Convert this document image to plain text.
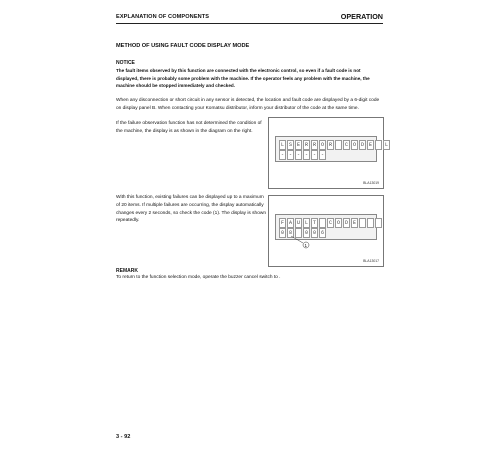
EXPLANATION OF COMPONENTS	OPERATION
METHOD OF USING FAULT CODE DISPLAY MODE
NOTICE
The fault items observed by this function are connected with the electronic control, so even if a fault code is not displayed, there is probably some problem with the machine. If the operator feels any problem with the machine, the machine should be stopped immediately and checked.
When any disconnection or short circuit in any sensor is detected, the location and fault code are displayed by a 6-digit code on display panel B. When contacting your Komatsu distributor, inform your distributor of the code at the same time.
If the failure observation function has not determined the condition of the machine, the display is as shown in the diagram on the right.
With this function, existing failures can be displayed up to a maximum of 20 items. If multiple failures are occurring, the display automatically changes every 2 seconds, so check the code (1). The display is shown repeatedly.
L S E R R O R	C O D E	L
- - - - - -
BLA13019
F A U L T	C O D E
0 8	0 0 6
1
BLA13017
REMARK
To return to the function selection mode, operate the buzzer cancel switch to .
3 - 92
